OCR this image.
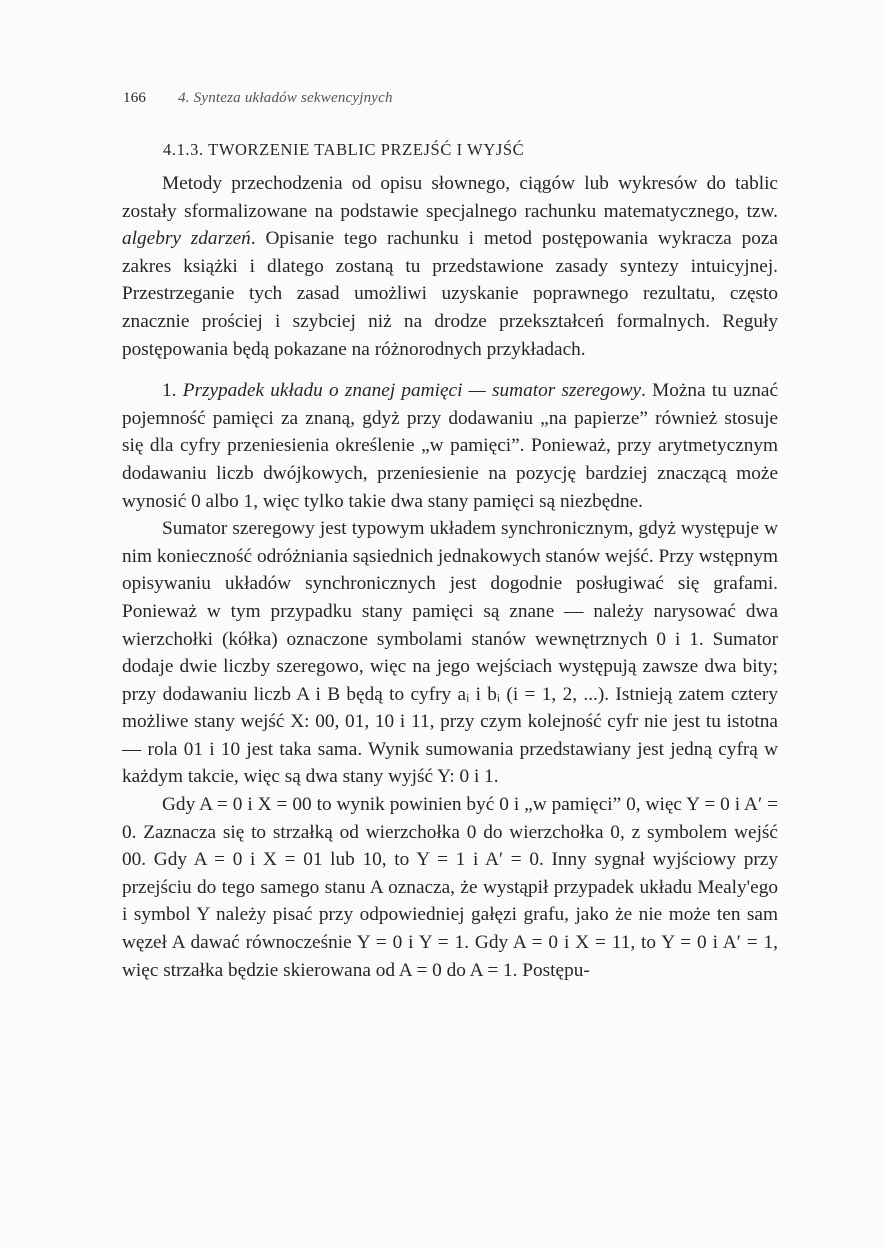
166 4. Synteza układów sekwencyjnych
4.1.3. TWORZENIE TABLIC PRZEJŚĆ I WYJŚĆ

Metody przechodzenia od opisu słownego, ciągów lub wykresów do tablic zostały sformalizowane na podstawie specjalnego rachunku matematycznego, tzw. algebry zdarzeń. Opisanie tego rachunku i metod postępowania wykracza poza zakres książki i dlatego zostaną tu przedstawione zasady syntezy intuicyjnej. Przestrzeganie tych zasad umożliwi uzyskanie poprawnego rezultatu, często znacznie prościej i szybciej niż na drodze przekształceń formalnych. Reguły postępowania będą pokazane na różnorodnych przykładach.

1. Przypadek układu o znanej pamięci — sumator szeregowy. Można tu uznać pojemność pamięci za znaną, gdyż przy dodawaniu „na papierze” również stosuje się dla cyfry przeniesienia określenie „w pamięci”. Ponieważ, przy arytmetycznym dodawaniu liczb dwójkowych, przeniesienie na pozycję bardziej znaczącą może wynosić 0 albo 1, więc tylko takie dwa stany pamięci są niezbędne.

Sumator szeregowy jest typowym układem synchronicznym, gdyż występuje w nim konieczność odróżniania sąsiednich jednakowych stanów wejść. Przy wstępnym opisywaniu układów synchronicznych jest dogodnie posługiwać się grafami. Ponieważ w tym przypadku stany pamięci są znane — należy narysować dwa wierzchołki (kółka) oznaczone symbolami stanów wewnętrznych 0 i 1. Sumator dodaje dwie liczby szeregowo, więc na jego wejściach występują zawsze dwa bity; przy dodawaniu liczb A i B będą to cyfry aᵢ i bᵢ (i = 1, 2, ...). Istnieją zatem cztery możliwe stany wejść X: 00, 01, 10 i 11, przy czym kolejność cyfr nie jest tu istotna — rola 01 i 10 jest taka sama. Wynik sumowania przedstawiany jest jedną cyfrą w każdym takcie, więc są dwa stany wyjść Y: 0 i 1.

Gdy A = 0 i X = 00 to wynik powinien być 0 i „w pamięci” 0, więc Y = 0 i A′ = 0. Zaznacza się to strzałką od wierzchołka 0 do wierzchołka 0, z symbolem wejść 00. Gdy A = 0 i X = 01 lub 10, to Y = 1 i A′ = 0. Inny sygnał wyjściowy przy przejściu do tego samego stanu A oznacza, że wystąpił przypadek układu Mealy'ego i symbol Y należy pisać przy odpowiedniej gałęzi grafu, jako że nie może ten sam węzeł A dawać równocześnie Y = 0 i Y = 1. Gdy A = 0 i X = 11, to Y = 0 i A′ = 1, więc strzałka będzie skierowana od A = 0 do A = 1. Postępu-
